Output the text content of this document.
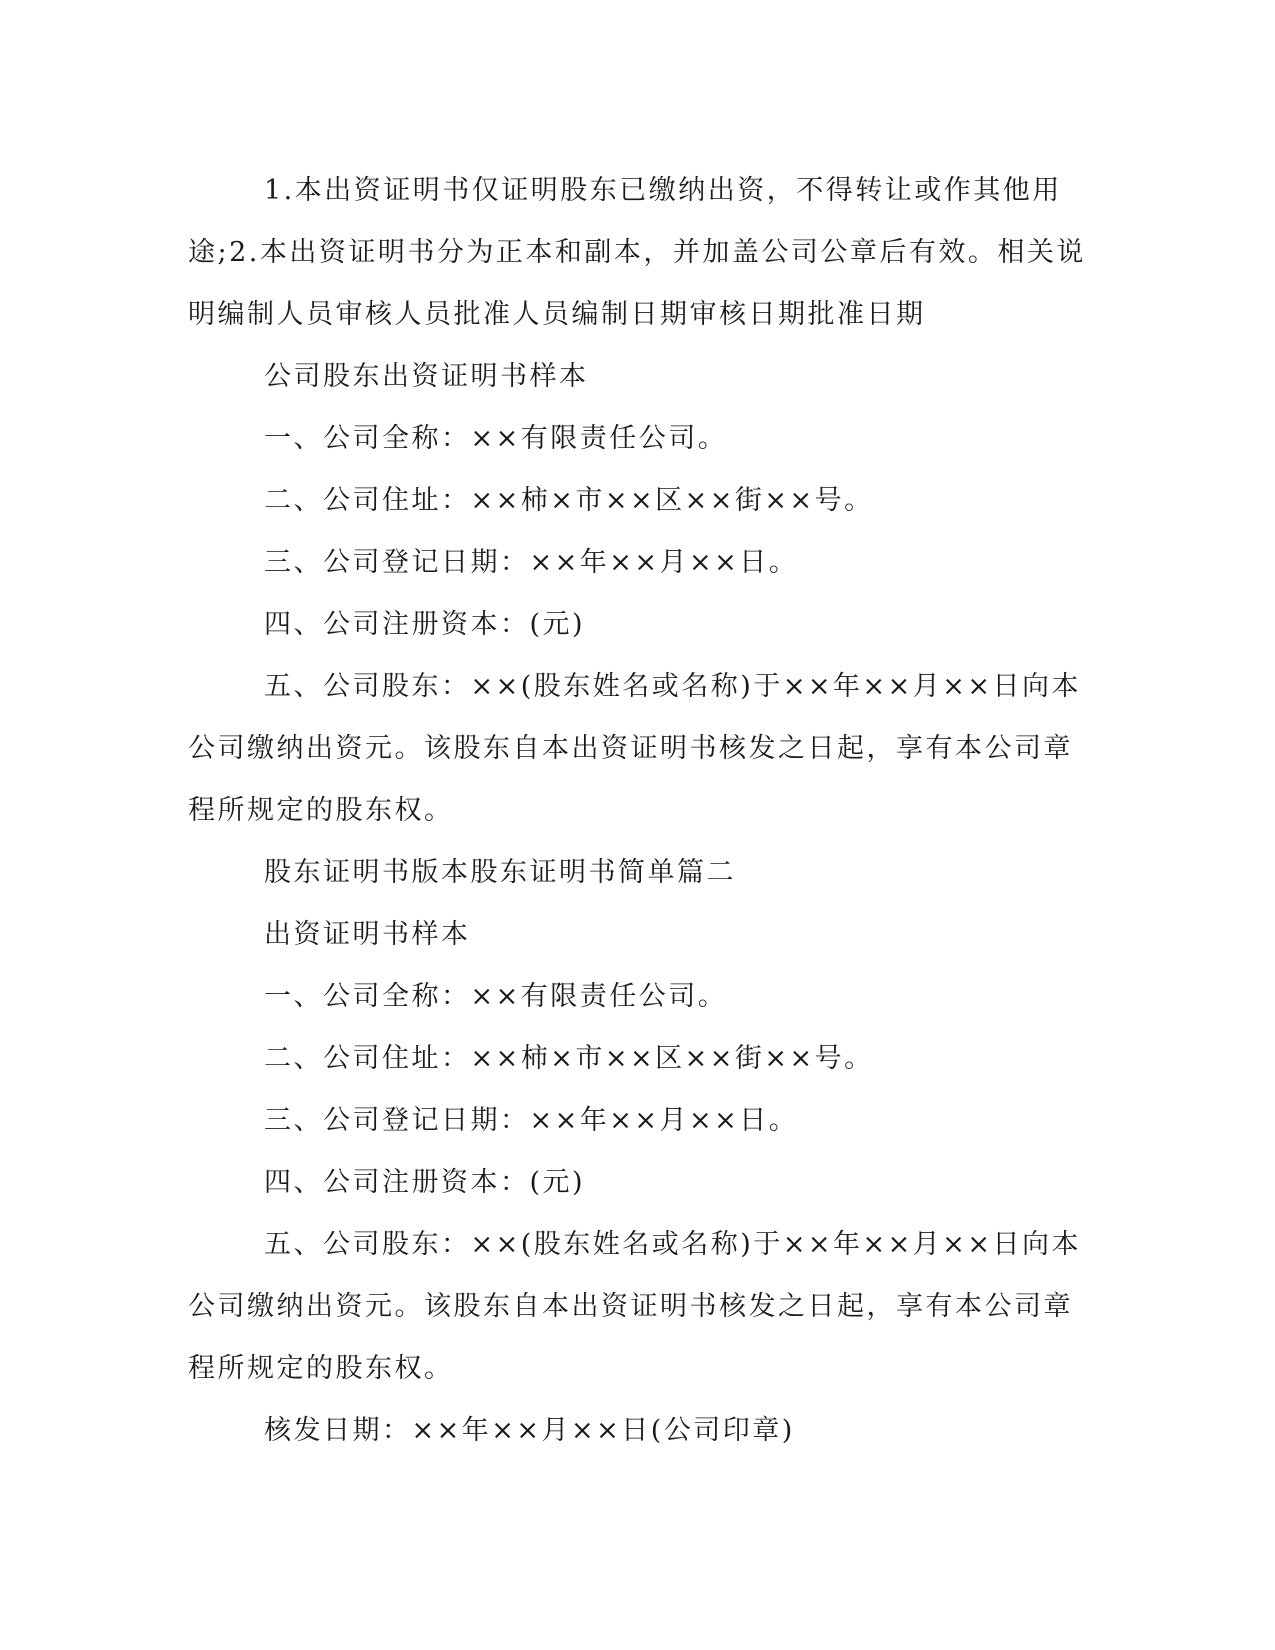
1.本出资证明书仅证明股东已缴纳出资，不得转让或作其他用途;2.本出资证明书分为正本和副本，并加盖公司公章后有效。相关说明编制人员审核人员批准人员编制日期审核日期批准日期

公司股东出资证明书样本

一、公司全称：××有限责任公司。

二、公司住址：××柿×市××区××街××号。

三、公司登记日期：××年××月××日。

四、公司注册资本：(元)

五、公司股东：××(股东姓名或名称)于××年××月××日向本公司缴纳出资元。该股东自本出资证明书核发之日起，享有本公司章程所规定的股东权。

股东证明书版本股东证明书简单篇二

出资证明书样本

一、公司全称：××有限责任公司。

二、公司住址：××柿×市××区××街××号。

三、公司登记日期：××年××月××日。

四、公司注册资本：(元)

五、公司股东：××(股东姓名或名称)于××年××月××日向本公司缴纳出资元。该股东自本出资证明书核发之日起，享有本公司章程所规定的股东权。

核发日期：××年××月××日(公司印章)
